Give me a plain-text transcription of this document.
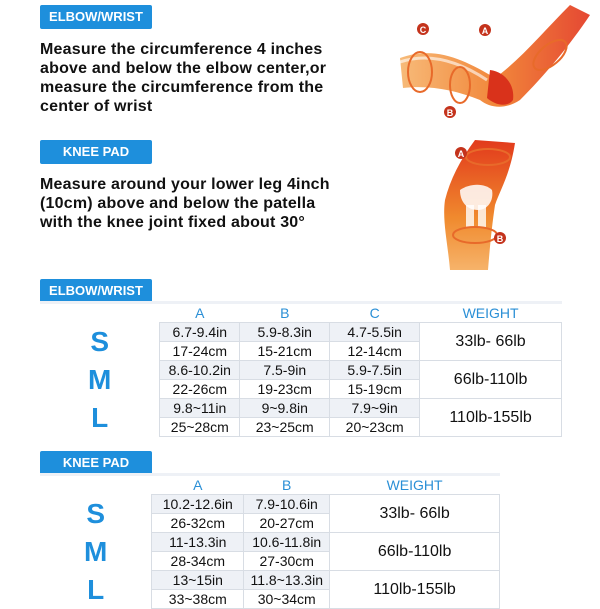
ELBOW/WRIST
Measure the circumference 4 inches
above and below the elbow center,or
measure the circumference from the
center of wrist
C	A
B
KNEE PAD
Measure around your lower leg 4inch
(10cm) above and below the patella
with the knee joint fixed about 30°
A
B
ELBOW/WRIST
	A	B	C	WEIGHT
S	6.7-9.4in	5.9-8.3in	4.7-5.5in	33lb- 66lb
	17-24cm	15-21cm	12-14cm	
M	8.6-10.2in	7.5-9in	5.9-7.5in	66lb-110lb
	22-26cm	19-23cm	15-19cm	
L	9.8~11in	9~9.8in	7.9~9in	110lb-155lb
	25~28cm	23~25cm	20~23cm	
KNEE PAD
	A	B	WEIGHT
S	10.2-12.6in	7.9-10.6in	33lb- 66lb
	26-32cm	20-27cm	
M	11-13.3in	10.6-11.8in	66lb-110lb
	28-34cm	27-30cm	
L	13~15in	11.8~13.3in	110lb-155lb
	33~38cm	30~34cm	
